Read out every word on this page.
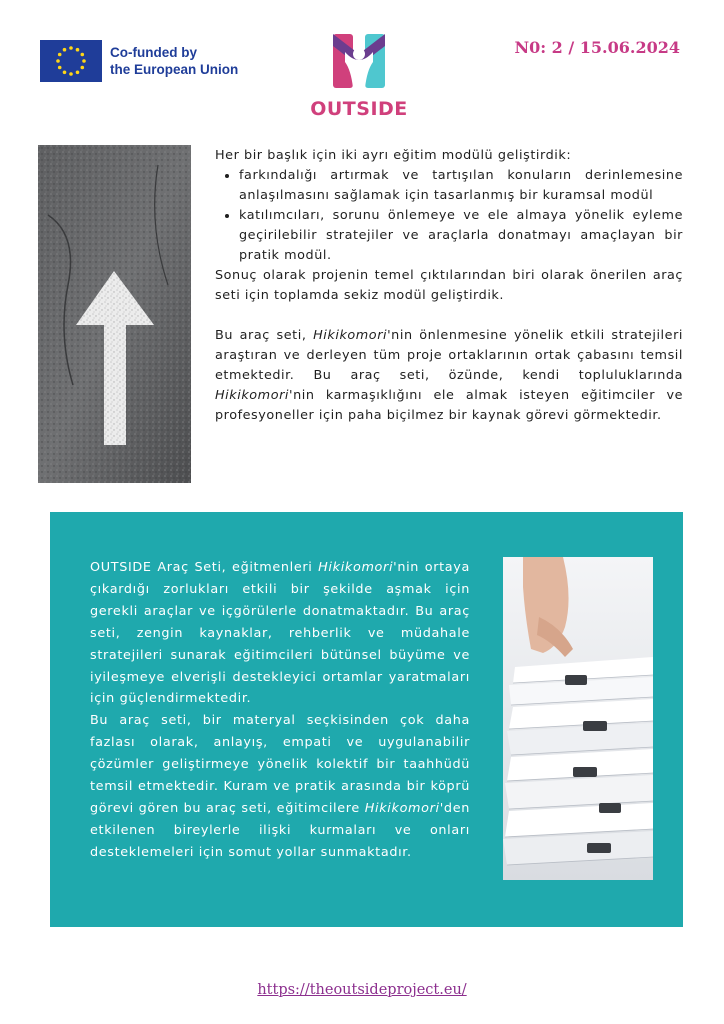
Co-funded by
the European Union
OUTSIDE
N0: 2 / 15.06.2024

Her bir başlık için iki ayrı eğitim modülü geliştirdik:

• farkındalığı artırmak ve tartışılan konuların derinlemesine anlaşılmasını sağlamak için tasarlanmış bir kuramsal modül
• katılımcıları, sorunu önlemeye ve ele almaya yönelik eyleme geçirilebilir stratejiler ve araçlarla donatmayı amaçlayan bir pratik modül.

Sonuç olarak projenin temel çıktılarından biri olarak önerilen araç seti için toplamda sekiz modül geliştirdik.

Bu araç seti, Hikikomori'nin önlenmesine yönelik etkili stratejileri araştıran ve derleyen tüm proje ortaklarının ortak çabasını temsil etmektedir. Bu araç seti, özünde, kendi topluluklarında Hikikomori'nin karmaşıklığını ele almak isteyen eğitimciler ve profesyoneller için paha biçilmez bir kaynak görevi görmektedir.

OUTSIDE Araç Seti, eğitmenleri Hikikomori'nin ortaya çıkardığı zorlukları etkili bir şekilde aşmak için gerekli araçlar ve içgörülerle donatmaktadır. Bu araç seti, zengin kaynaklar, rehberlik ve müdahale stratejileri sunarak eğitimcileri bütünsel büyüme ve iyileşmeye elverişli destekleyici ortamlar yaratmaları için güçlendirmektedir.

Bu araç seti, bir materyal seçkisinden çok daha fazlası olarak, anlayış, empati ve uygulanabilir çözümler geliştirmeye yönelik kolektif bir taahhüdü temsil etmektedir. Kuram ve pratik arasında bir köprü görevi gören bu araç seti, eğitimcilere Hikikomori'den etkilenen bireylerle ilişki kurmaları ve onları desteklemeleri için somut yollar sunmaktadır.

https://theoutsideproject.eu/
